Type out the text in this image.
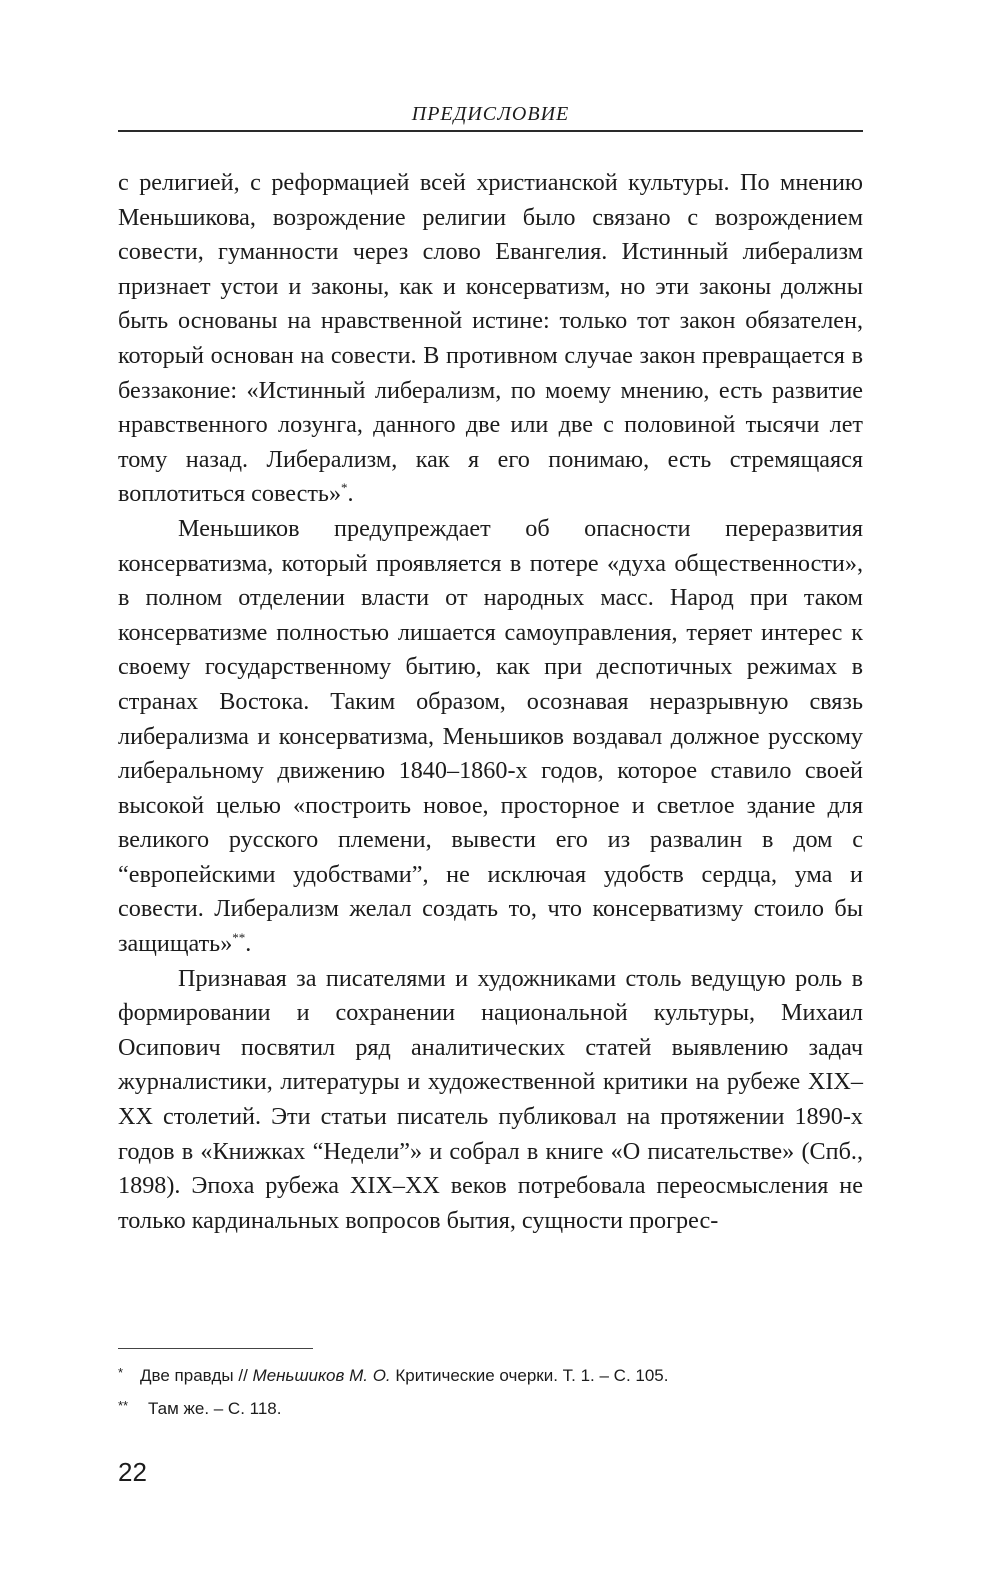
ПРЕДИСЛОВИЕ

с религией, с реформацией всей христианской культуры. По мнению Меньшикова, возрождение религии было связано с возрождением совести, гуманности через слово Евангелия. Истинный либерализм признает устои и законы, как и консерватизм, но эти законы должны быть основаны на нравственной истине: только тот закон обязателен, который основан на совести. В противном случае закон превращается в беззаконие: «Истинный либерализм, по моему мнению, есть развитие нравственного лозунга, данного две или две с половиной тысячи лет тому назад. Либерализм, как я его понимаю, есть стремящаяся воплотиться совесть»*.

Меньшиков предупреждает об опасности переразвития консерватизма, который проявляется в потере «духа общественности», в полном отделении власти от народных масс. Народ при таком консерватизме полностью лишается самоуправления, теряет интерес к своему государственному бытию, как при деспотичных режимах в странах Востока. Таким образом, осознавая неразрывную связь либерализма и консерватизма, Меньшиков воздавал должное русскому либеральному движению 1840–1860-х годов, которое ставило своей высокой целью «построить новое, просторное и светлое здание для великого русского племени, вывести его из развалин в дом с “европейскими удобствами”, не исключая удобств сердца, ума и совести. Либерализм желал создать то, что консерватизму стоило бы защищать»**.

Признавая за писателями и художниками столь ведущую роль в формировании и сохранении национальной культуры, Михаил Осипович посвятил ряд аналитических статей выявлению задач журналистики, литературы и художественной критики на рубеже XIX–XX столетий. Эти статьи писатель публиковал на протяжении 1890-х годов в «Книжках “Недели”» и собрал в книге «О писательстве» (Спб., 1898). Эпоха рубежа XIX–XX веков потребовала переосмысления не только кардинальных вопросов бытия, сущности прогрес-

* Две правды // Меньшиков М. О. Критические очерки. Т. 1. – С. 105.
** Там же. – С. 118.
22
